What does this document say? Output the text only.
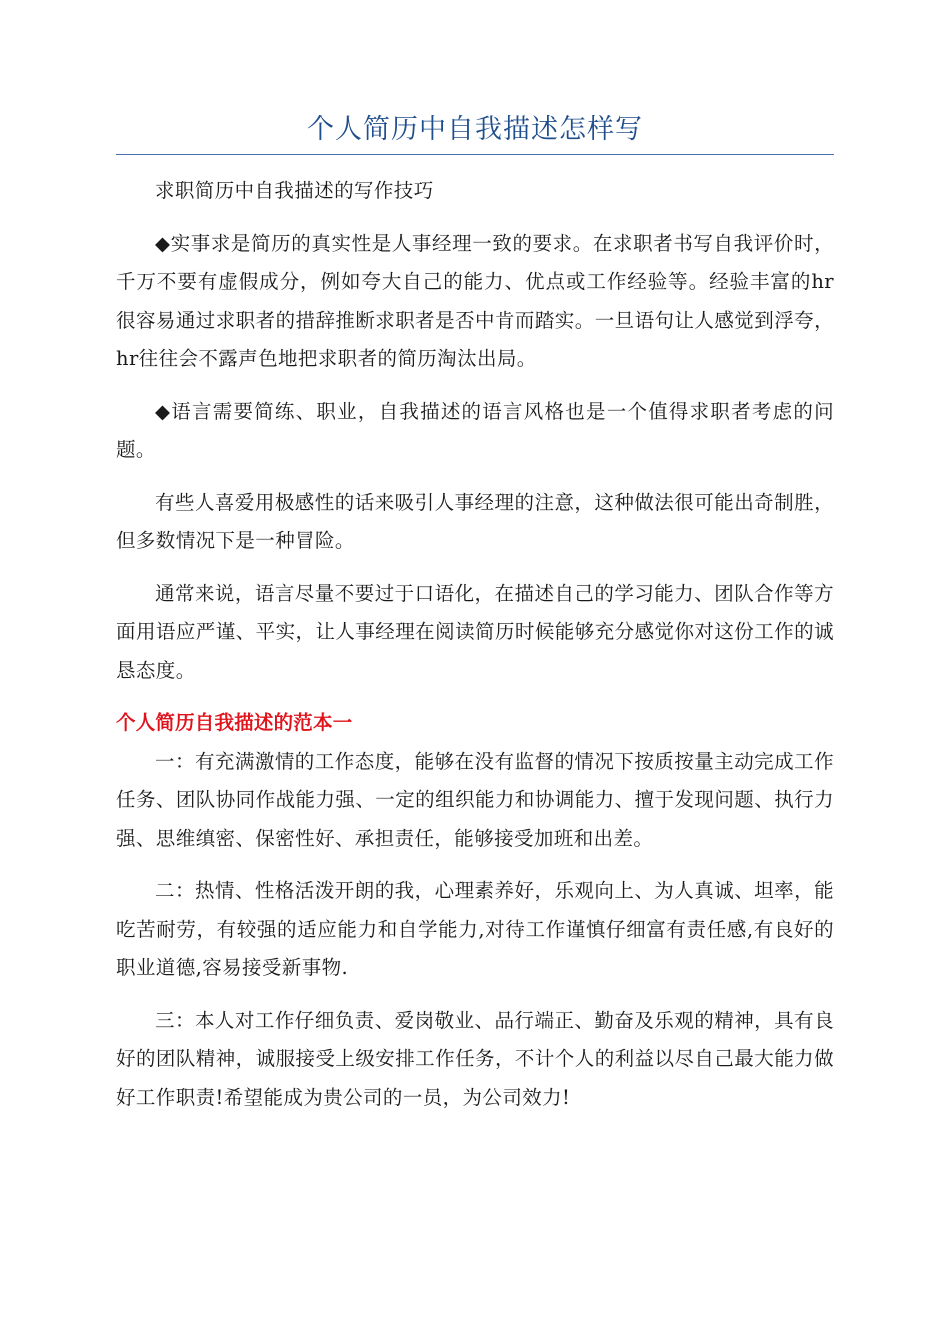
个人简历中自我描述怎样写

求职简历中自我描述的写作技巧

◆实事求是简历的真实性是人事经理一致的要求。在求职者书写自我评价时，千万不要有虚假成分，例如夸大自己的能力、优点或工作经验等。经验丰富的hr很容易通过求职者的措辞推断求职者是否中肯而踏实。一旦语句让人感觉到浮夸，hr往往会不露声色地把求职者的简历淘汰出局。

◆语言需要简练、职业，自我描述的语言风格也是一个值得求职者考虑的问题。

有些人喜爱用极感性的话来吸引人事经理的注意，这种做法很可能出奇制胜，但多数情况下是一种冒险。

通常来说，语言尽量不要过于口语化，在描述自己的学习能力、团队合作等方面用语应严谨、平实，让人事经理在阅读简历时候能够充分感觉你对这份工作的诚恳态度。

个人简历自我描述的范本一

一：有充满激情的工作态度，能够在没有监督的情况下按质按量主动完成工作任务、团队协同作战能力强、一定的组织能力和协调能力、擅于发现问题、执行力强、思维缜密、保密性好、承担责任，能够接受加班和出差。

二：热情、性格活泼开朗的我，心理素养好，乐观向上、为人真诚、坦率，能吃苦耐劳，有较强的适应能力和自学能力,对待工作谨慎仔细富有责任感,有良好的职业道德,容易接受新事物.

三：本人对工作仔细负责、爱岗敬业、品行端正、勤奋及乐观的精神，具有良好的团队精神，诚服接受上级安排工作任务，不计个人的利益以尽自己最大能力做好工作职责!希望能成为贵公司的一员，为公司效力!
